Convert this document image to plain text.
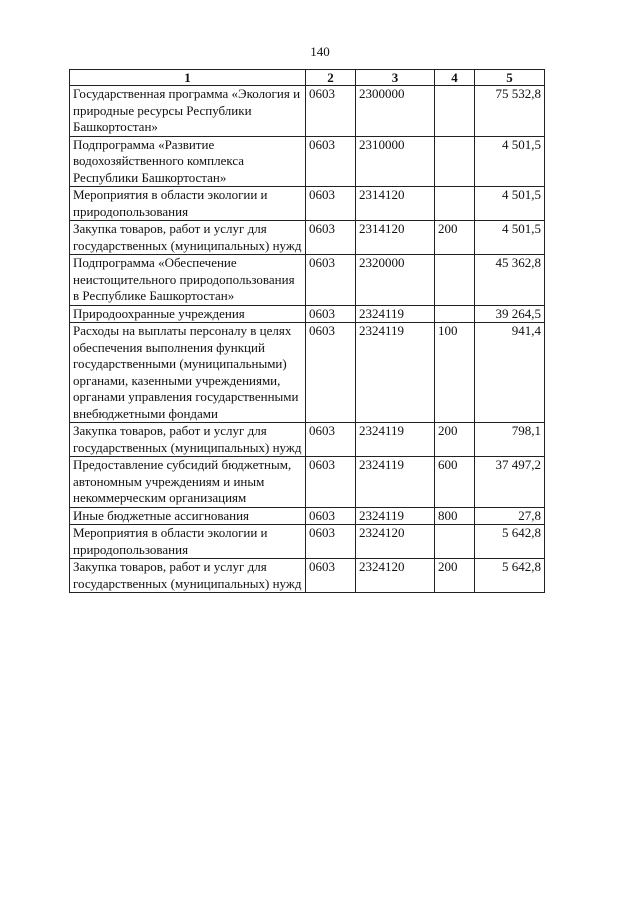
140
1	2	3	4	5
Государственная программа «Экология и природные ресурсы Республики Башкортостан»	0603	2300000		75 532,8
Подпрограмма «Развитие водохозяйственного комплекса Республики Башкортостан»	0603	2310000		4 501,5
Мероприятия в области экологии и природопользования	0603	2314120		4 501,5
Закупка товаров, работ и услуг для государственных (муниципальных) нужд	0603	2314120	200	4 501,5
Подпрограмма «Обеспечение неистощительного природопользования в Республике Башкортостан»	0603	2320000		45 362,8
Природоохранные учреждения	0603	2324119		39 264,5
Расходы на выплаты персоналу в целях обеспечения выполнения функций государственными (муниципальными) органами, казенными учреждениями, органами управления государственными внебюджетными фондами	0603	2324119	100	941,4
Закупка товаров, работ и услуг для государственных (муниципальных) нужд	0603	2324119	200	798,1
Предоставление субсидий бюджетным, автономным учреждениям и иным некоммерческим организациям	0603	2324119	600	37 497,2
Иные бюджетные ассигнования	0603	2324119	800	27,8
Мероприятия в области экологии и природопользования	0603	2324120		5 642,8
Закупка товаров, работ и услуг для государственных (муниципальных) нужд	0603	2324120	200	5 642,8
